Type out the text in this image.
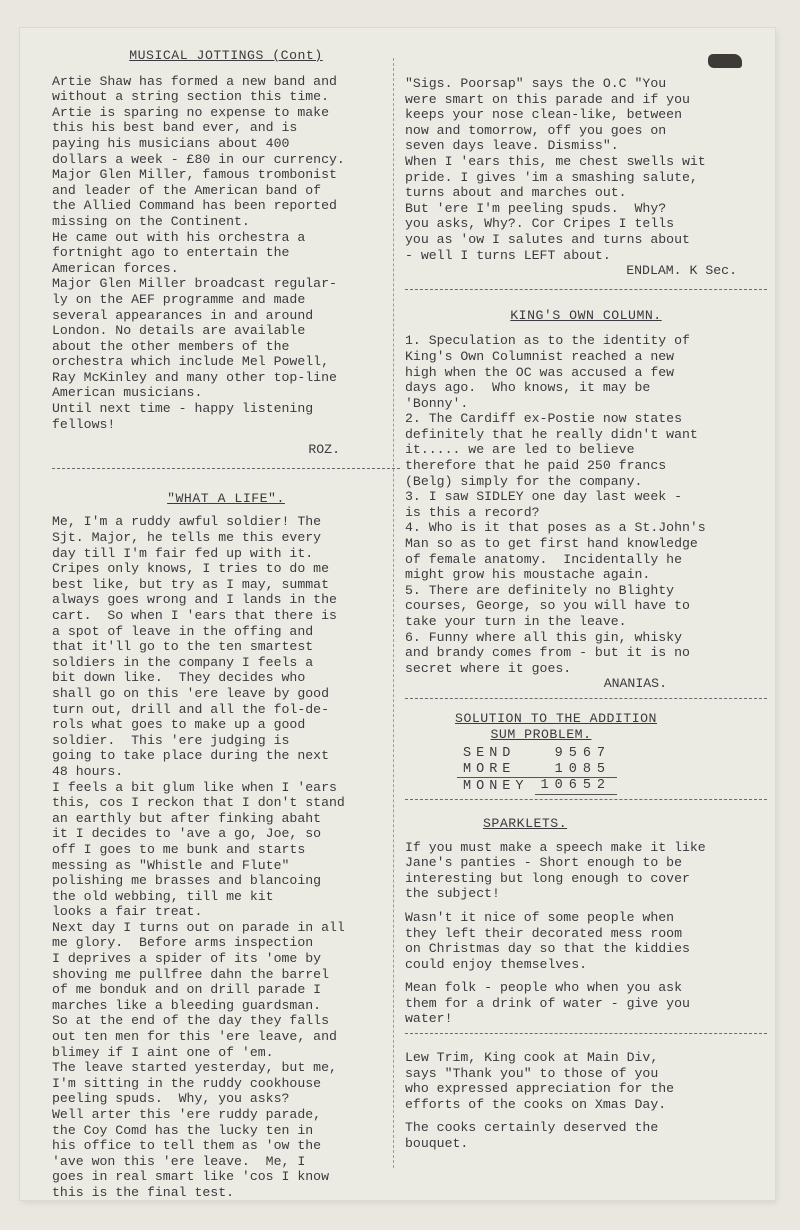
MUSICAL JOTTINGS (Cont)
Artie Shaw has formed a new band and
without a string section this time.
Artie is sparing no expense to make
this his best band ever, and is
paying his musicians about 400
dollars a week - £80 in our currency.
Major Glen Miller, famous trombonist
and leader of the American band of
the Allied Command has been reported
missing on the Continent.
He came out with his orchestra a
fortnight ago to entertain the
American forces.
Major Glen Miller broadcast regular-
ly on the AEF programme and made
several appearances in and around
London. No details are available
about the other members of the
orchestra which include Mel Powell,
Ray McKinley and many other top-line
American musicians.
Until next time - happy listening
fellows!
ROZ.
"WHAT A LIFE".
Me, I'm a ruddy awful soldier! The
Sjt. Major, he tells me this every
day till I'm fair fed up with it.
Cripes only knows, I tries to do me
best like, but try as I may, summat
always goes wrong and I lands in the
cart.  So when I 'ears that there is
a spot of leave in the offing and
that it'll go to the ten smartest
soldiers in the company I feels a
bit down like.  They decides who
shall go on this 'ere leave by good
turn out, drill and all the fol-de-
rols what goes to make up a good
soldier.  This 'ere judging is
going to take place during the next
48 hours.
I feels a bit glum like when I 'ears
this, cos I reckon that I don't stand
an earthly but after finking abaht
it I decides to 'ave a go, Joe, so
off I goes to me bunk and starts
messing as "Whistle and Flute"
polishing me brasses and blancoing
the old webbing, till me kit
looks a fair treat.
Next day I turns out on parade in all
me glory.  Before arms inspection
I deprives a spider of its 'ome by
shoving me pullfree dahn the barrel
of me bonduk and on drill parade I
marches like a bleeding guardsman.
So at the end of the day they falls
out ten men for this 'ere leave, and
blimey if I aint one of 'em.
The leave started yesterday, but me,
I'm sitting in the ruddy cookhouse
peeling spuds.  Why, you asks?
Well arter this 'ere ruddy parade,
the Coy Comd has the lucky ten in
his office to tell them as 'ow the
'ave won this 'ere leave.  Me, I
goes in real smart like 'cos I know
this is the final test.
"Sigs. Poorsap" says the O.C "You
were smart on this parade and if you
keeps your nose clean-like, between
now and tomorrow, off you goes on
seven days leave. Dismiss".
When I 'ears this, me chest swells wit
pride. I gives 'im a smashing salute,
turns about and marches out.
But 'ere I'm peeling spuds.  Why?
you asks, Why?. Cor Cripes I tells
you as 'ow I salutes and turns about
- well I turns LEFT about.
ENDLAM. K Sec.
KING'S OWN COLUMN.
1. Speculation as to the identity of
King's Own Columnist reached a new
high when the OC was accused a few
days ago.  Who knows, it may be
'Bonny'.
2. The Cardiff ex-Postie now states
definitely that he really didn't want
it..... we are led to believe
therefore that he paid 250 francs
(Belg) simply for the company.
3. I saw SIDLEY one day last week -
is this a record?
4. Who is it that poses as a St.John's
Man so as to get first hand knowledge
of female anatomy.  Incidentally he
might grow his moustache again.
5. There are definitely no Blighty
courses, George, so you will have to
take your turn in the leave.
6. Funny where all this gin, whisky
and brandy comes from - but it is no
secret where it goes.
ANANIAS.
SOLUTION TO THE ADDITION
SUM PROBLEM.
SEND	9567
MORE	1085
MONEY	10652
SPARKLETS.
If you must make a speech make it like
Jane's panties - Short enough to be
interesting but long enough to cover
the subject!
Wasn't it nice of some people when
they left their decorated mess room
on Christmas day so that the kiddies
could enjoy themselves.
Mean folk - people who when you ask
them for a drink of water - give you
water!
Lew Trim, King cook at Main Div,
says "Thank you" to those of you
who expressed appreciation for the
efforts of the cooks on Xmas Day.
The cooks certainly deserved the
bouquet.
